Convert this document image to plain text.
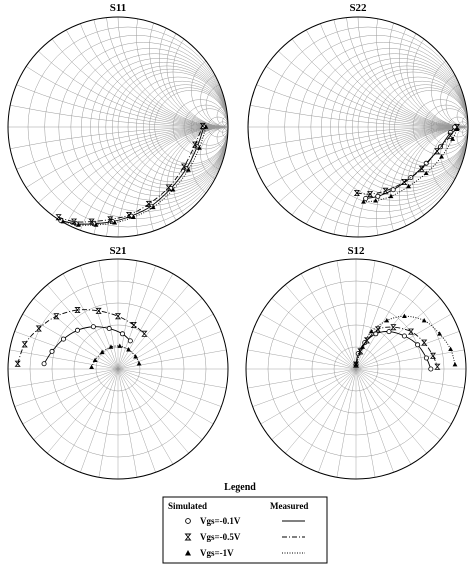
S11	S22
S21	S12
Legend
Simulated	Measured
Vgs=-0.1V
Vgs=-0.5V
Vgs=-1V
